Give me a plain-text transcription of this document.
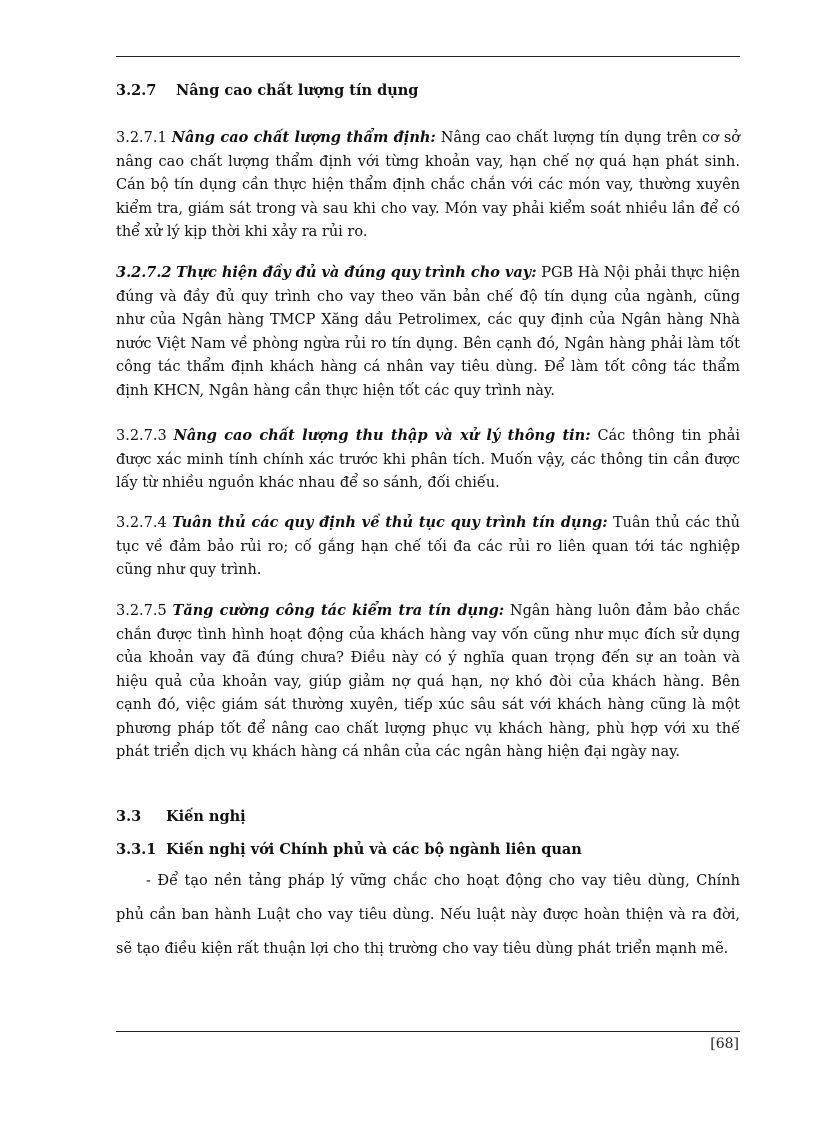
3.2.7 Nâng cao chất lượng tín dụng

3.2.7.1 Nâng cao chất lượng thẩm định: Nâng cao chất lượng tín dụng trên cơ sở nâng cao chất lượng thẩm định với từng khoản vay, hạn chế nợ quá hạn phát sinh. Cán bộ tín dụng cần thực hiện thẩm định chắc chắn với các món vay, thường xuyên kiểm tra, giám sát trong và sau khi cho vay. Món vay phải kiểm soát nhiều lần để có thể xử lý kịp thời khi xảy ra rủi ro.

3.2.7.2 Thực hiện đầy đủ và đúng quy trình cho vay: PGB Hà Nội phải thực hiện đúng và đầy đủ quy trình cho vay theo văn bản chế độ tín dụng của ngành, cũng như của Ngân hàng TMCP Xăng dầu Petrolimex, các quy định của Ngân hàng Nhà nước Việt Nam về phòng ngừa rủi ro tín dụng. Bên cạnh đó, Ngân hàng phải làm tốt công tác thẩm định khách hàng cá nhân vay tiêu dùng. Để làm tốt công tác thẩm định KHCN, Ngân hàng cần thực hiện tốt các quy trình này.

3.2.7.3 Nâng cao chất lượng thu thập và xử lý thông tin: Các thông tin phải được xác minh tính chính xác trước khi phân tích. Muốn vậy, các thông tin cần được lấy từ nhiều nguồn khác nhau để so sánh, đối chiếu.

3.2.7.4 Tuân thủ các quy định về thủ tục quy trình tín dụng: Tuân thủ các thủ tục về đảm bảo rủi ro; cố gắng hạn chế tối đa các rủi ro liên quan tới tác nghiệp cũng như quy trình.

3.2.7.5 Tăng cường công tác kiểm tra tín dụng: Ngân hàng luôn đảm bảo chắc chắn được tình hình hoạt động của khách hàng vay vốn cũng như mục đích sử dụng của khoản vay đã đúng chưa? Điều này có ý nghĩa quan trọng đến sự an toàn và hiệu quả của khoản vay, giúp giảm nợ quá hạn, nợ khó đòi của khách hàng. Bên cạnh đó, việc giám sát thường xuyên, tiếp xúc sâu sát với khách hàng cũng là một phương pháp tốt để nâng cao chất lượng phục vụ khách hàng, phù hợp với xu thế phát triển dịch vụ khách hàng cá nhân của các ngân hàng hiện đại ngày nay.

3.3 Kiến nghị
3.3.1 Kiến nghị với Chính phủ và các bộ ngành liên quan

- Để tạo nền tảng pháp lý vững chắc cho hoạt động cho vay tiêu dùng, Chính phủ cần ban hành Luật cho vay tiêu dùng. Nếu luật này được hoàn thiện và ra đời, sẽ tạo điều kiện rất thuận lợi cho thị trường cho vay tiêu dùng phát triển mạnh mẽ.

[68]
